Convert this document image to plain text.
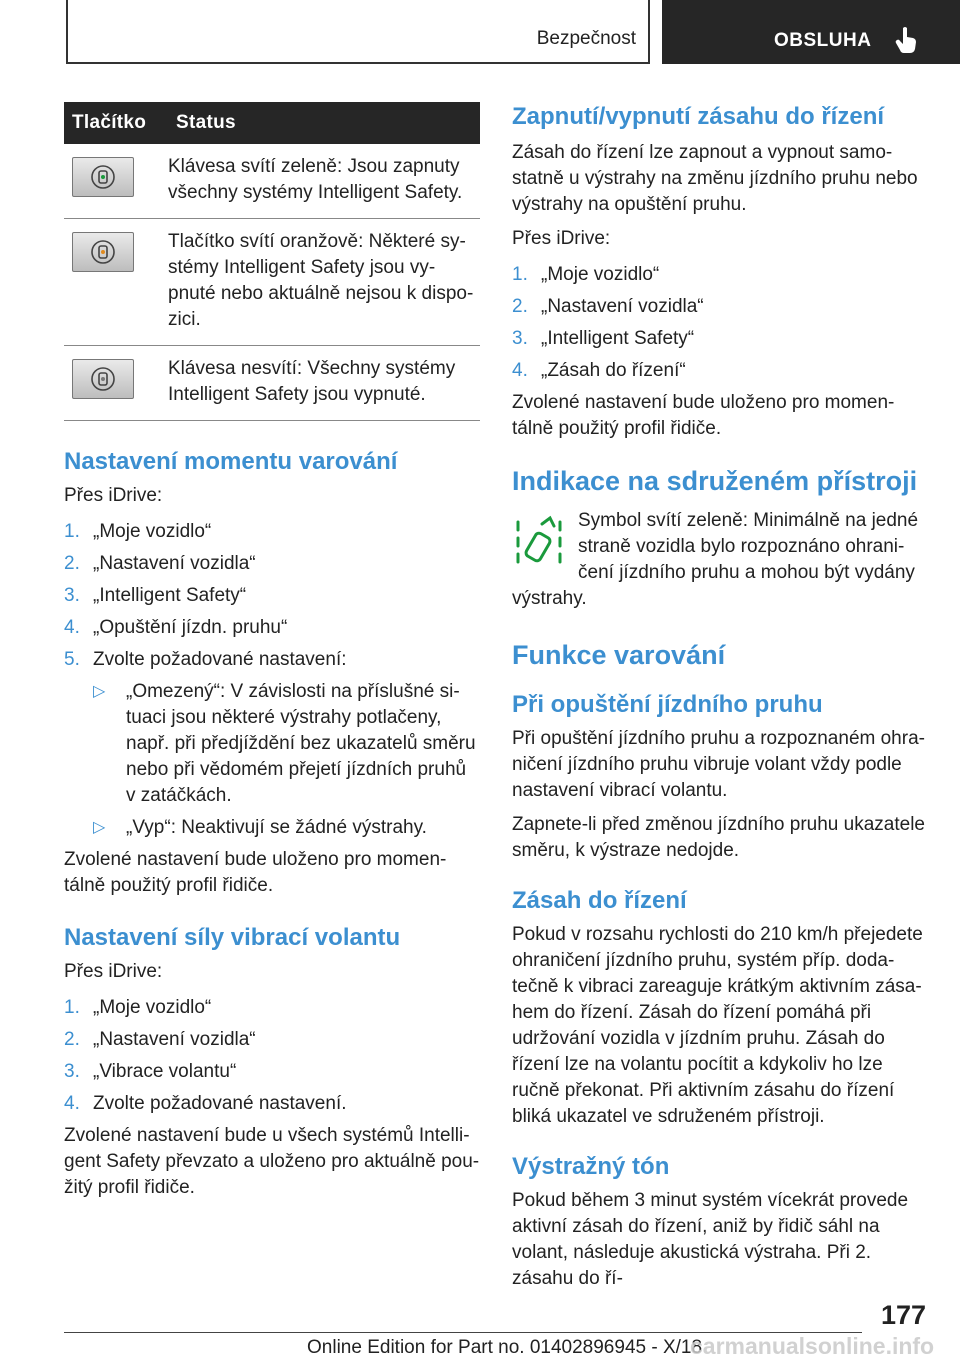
Bezpečnost	OBSLUHA
Tlačítko	Status

	Klávesa svítí zeleně: Jsou zapnuty všechny systémy Intelligent Safety.

	Tlačítko svítí oranžově: Některé systémy Intelligent Safety jsou vypnuté nebo aktuálně nejsou k dispozici.

	Klávesa nesvítí: Všechny systémy Intelligent Safety jsou vypnuté.
Nastavení momentu varování

Přes iDrive:

1. „Moje vozidlo“
2. „Nastavení vozidla“
3. „Intelligent Safety“
4. „Opuštění jízdn. pruhu“
5. Zvolte požadované nastavení:
▷ „Omezený“: V závislosti na příslušné situaci jsou některé výstrahy potlačeny, např. při předjíždění bez ukazatelů směru nebo při vědomém přejetí jízdních pruhů v zatáčkách.
▷ „Vyp“: Neaktivují se žádné výstrahy.

Zvolené nastavení bude uloženo pro momentálně použitý profil řidiče.

Nastavení síly vibrací volantu

Přes iDrive:

1. „Moje vozidlo“
2. „Nastavení vozidla“
3. „Vibrace volantu“
4. Zvolte požadované nastavení.

Zvolené nastavení bude u všech systémů Intelligent Safety převzato a uloženo pro aktuálně použitý profil řidiče.

Zapnutí/vypnutí zásahu do řízení

Zásah do řízení lze zapnout a vypnout samostatně u výstrahy na změnu jízdního pruhu nebo výstrahy na opuštění pruhu.

Přes iDrive:

1. „Moje vozidlo“
2. „Nastavení vozidla“
3. „Intelligent Safety“
4. „Zásah do řízení“

Zvolené nastavení bude uloženo pro momentálně použitý profil řidiče.

Indikace na sdruženém přístroji

Symbol svítí zeleně: Minimálně na jedné straně vozidla bylo rozpoznáno ohraničení jízdního pruhu a mohou být vydány

výstrahy.

Funkce varování
Při opuštění jízdního pruhu

Při opuštění jízdního pruhu a rozpoznaném ohraničení jízdního pruhu vibruje volant vždy podle nastavení vibrací volantu.

Zapnete-li před změnou jízdního pruhu ukazatele směru, k výstraze nedojde.

Zásah do řízení

Pokud v rozsahu rychlosti do 210 km/h přejedete ohraničení jízdního pruhu, systém příp. dodatečně k vibraci zareaguje krátkým aktivním zásahem do řízení. Zásah do řízení pomáhá při udržování vozidla v jízdním pruhu. Zásah do řízení lze na volantu pocítit a kdykoliv ho lze ručně překonat. Při aktivním zásahu do řízení bliká ukazatel ve sdruženém přístroji.

Výstražný tón

Pokud během 3 minut systém vícekrát provede aktivní zásah do řízení, aniž by řidič sáhl na volant, následuje akustická výstraha. Při 2. zásahu do ří-

177
Online Edition for Part no. 01402896945 - X/18
carmanualsonline.info
